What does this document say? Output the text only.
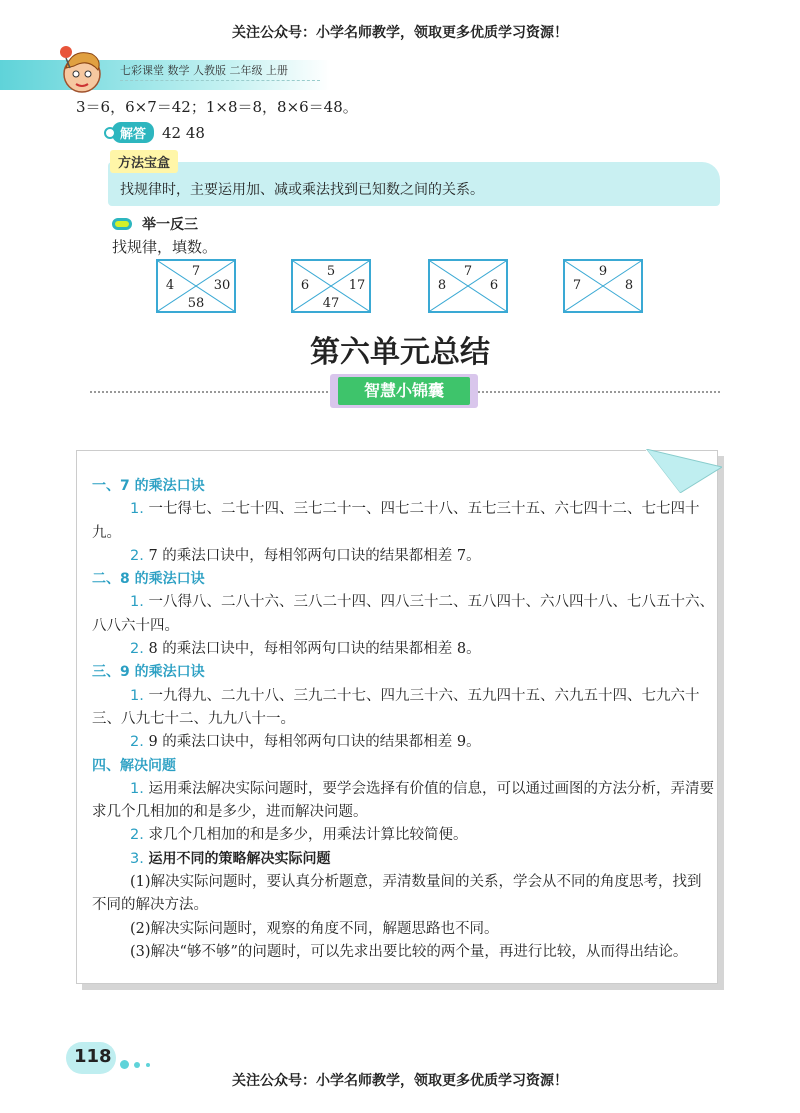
关注公众号：小学名师教学，领取更多优质学习资源！
七彩课堂 数学 人教版 二年级 上册
3＝6，6×7＝42；1×8＝8，8×6＝48。
解答	42 48
方法宝盒
找规律时，主要运用加、减或乘法找到已知数之间的关系。
举一反三
找规律，填数。
7
4	30
58
5
6	17
47
7
8	6
9
7	8
第六单元总结
智慧小锦囊
一、7 的乘法口诀
1. 一七得七、二七十四、三七二十一、四七二十八、五七三十五、六七四十二、七七四十九。
2. 7 的乘法口诀中，每相邻两句口诀的结果都相差 7。
二、8 的乘法口诀
1. 一八得八、二八十六、三八二十四、四八三十二、五八四十、六八四十八、七八五十六、八八六十四。
2. 8 的乘法口诀中，每相邻两句口诀的结果都相差 8。
三、9 的乘法口诀
1. 一九得九、二九十八、三九二十七、四九三十六、五九四十五、六九五十四、七九六十三、八九七十二、九九八十一。
2. 9 的乘法口诀中，每相邻两句口诀的结果都相差 9。
四、解决问题
1. 运用乘法解决实际问题时，要学会选择有价值的信息，可以通过画图的方法分析，弄清要求几个几相加的和是多少，进而解决问题。
2. 求几个几相加的和是多少，用乘法计算比较简便。
3. 运用不同的策略解决实际问题
(1)解决实际问题时，要认真分析题意，弄清数量间的关系，学会从不同的角度思考，找到不同的解决方法。
(2)解决实际问题时，观察的角度不同，解题思路也不同。
(3)解决“够不够”的问题时，可以先求出要比较的两个量，再进行比较，从而得出结论。
118
关注公众号：小学名师教学，领取更多优质学习资源！
